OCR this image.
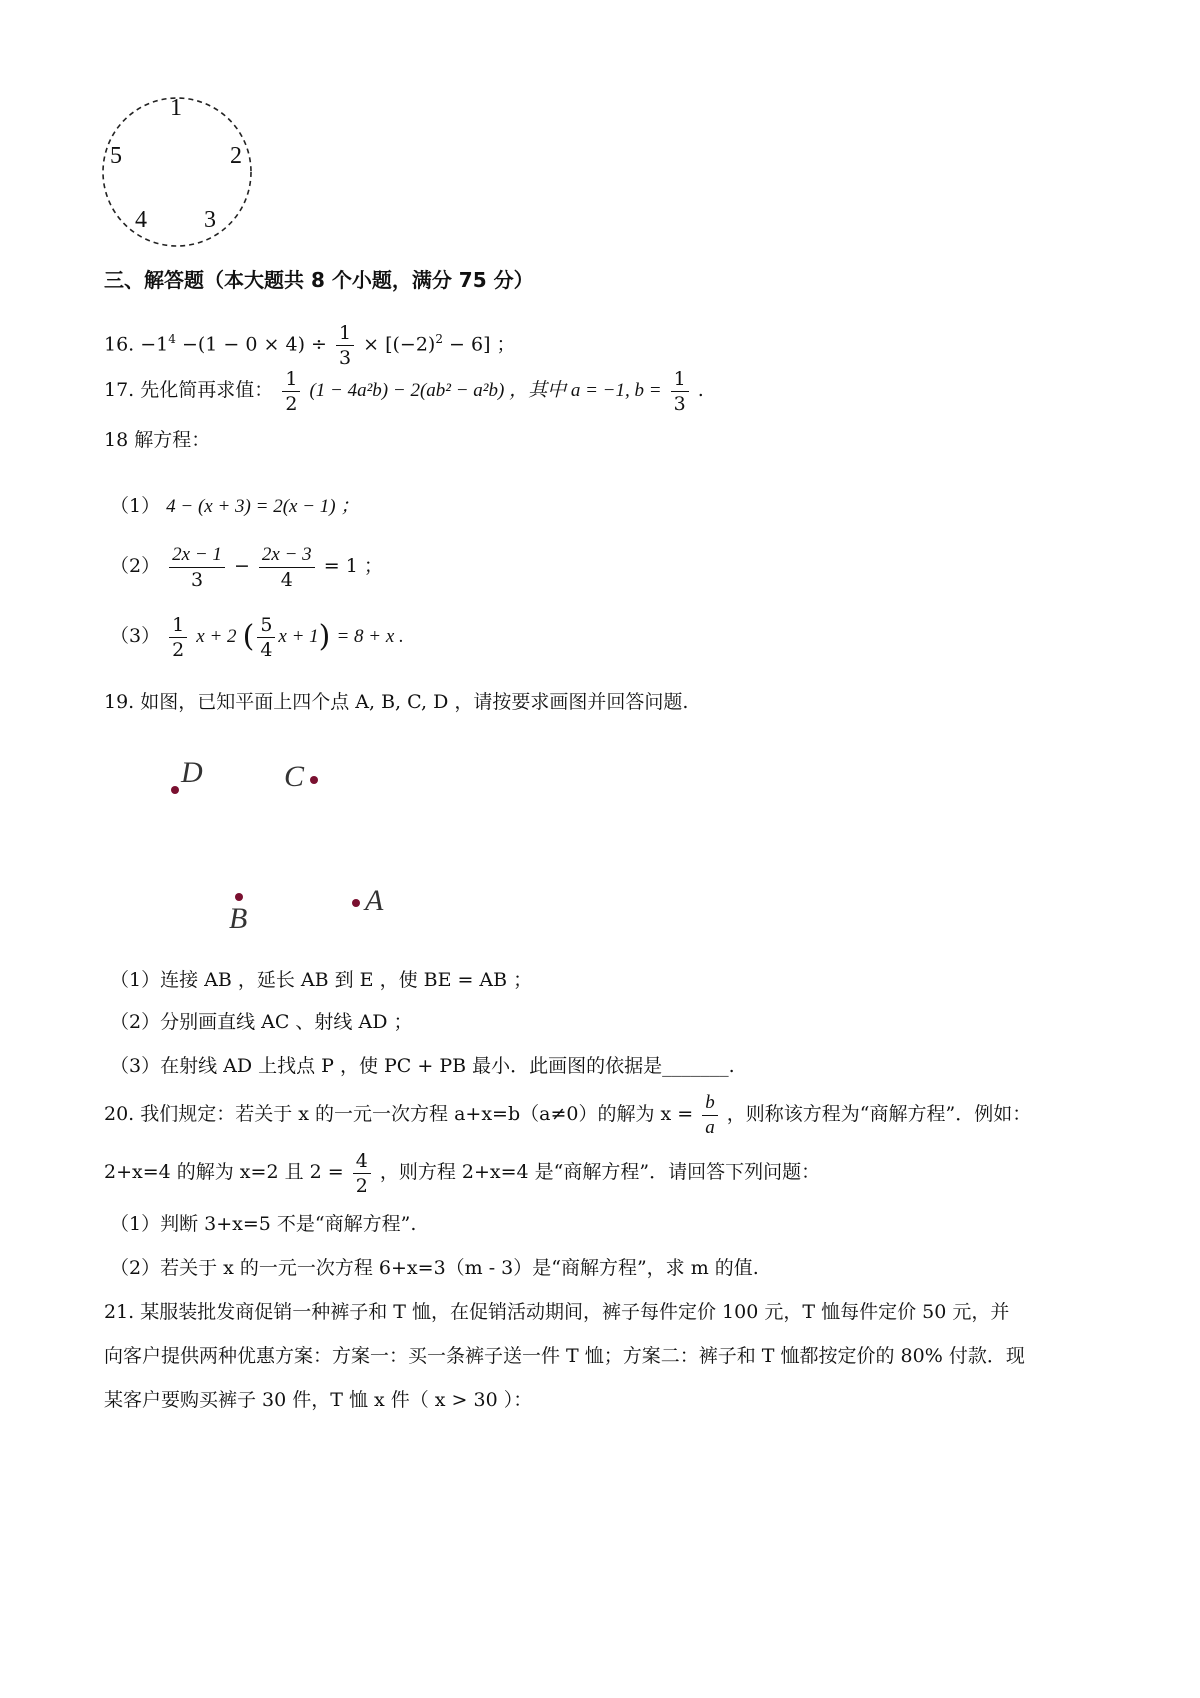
1
2
3
4
5
三、解答题（本大题共 8 个小题，满分 75 分）
16. $-1^4 -(1 - 0 \times 4) \div \frac{1}{3} \times [(-2)^2 - 6]$ ；
17. 先化简再求值： $\frac{1}{2} (1 - 4a^2b) - 2(ab^2 - a^2b)$ ，其中 a = −1, $b = \frac{1}{3}$ .
18 解方程：
（1） 4 − (x + 3) = 2(x − 1) ；
$(2) \frac{2x - 1}{3} - \frac{2x - 3}{4} = 1$ ；
$(3) \frac{1}{2}$ x + 2 ( $\frac{5}{4}$ x + 1) = 8 + x .
19. 如图，已知平面上四个点 A, B, C, D ，请按要求画图并回答问题.
D	C
B
A
（1）连接 AB ，延长 AB 到 E ，使 BE = AB ；
（2）分别画直线 AC 、射线 AD ；
（3）在射线 AD 上找点 P ，使 PC + PB 最小．此画图的依据是_______.
20. 我们规定：若关于 x 的一元一次方程 a+x=b（a≠0）的解为 $x = \frac{b}{a}$ ，则称该方程为“商解方程”．例如：
2+x=4 的解为 x=2 且 $2 = \frac{4}{2}$ ，则方程 2+x=4 是“商解方程”．请回答下列问题：
（1）判断 3+x=5 不是“商解方程”.
（2）若关于 x 的一元一次方程 6+x=3（m - 3）是“商解方程”，求 m 的值.
21. 某服装批发商促销一种裤子和 T 恤，在促销活动期间，裤子每件定价 100 元，T 恤每件定价 50 元，并
向客户提供两种优惠方案：方案一：买一条裤子送一件 T 恤；方案二：裤子和 T 恤都按定价的 80% 付款．现
某客户要购买裤子 30 件，T 恤 x 件（ x > 30 ）：
